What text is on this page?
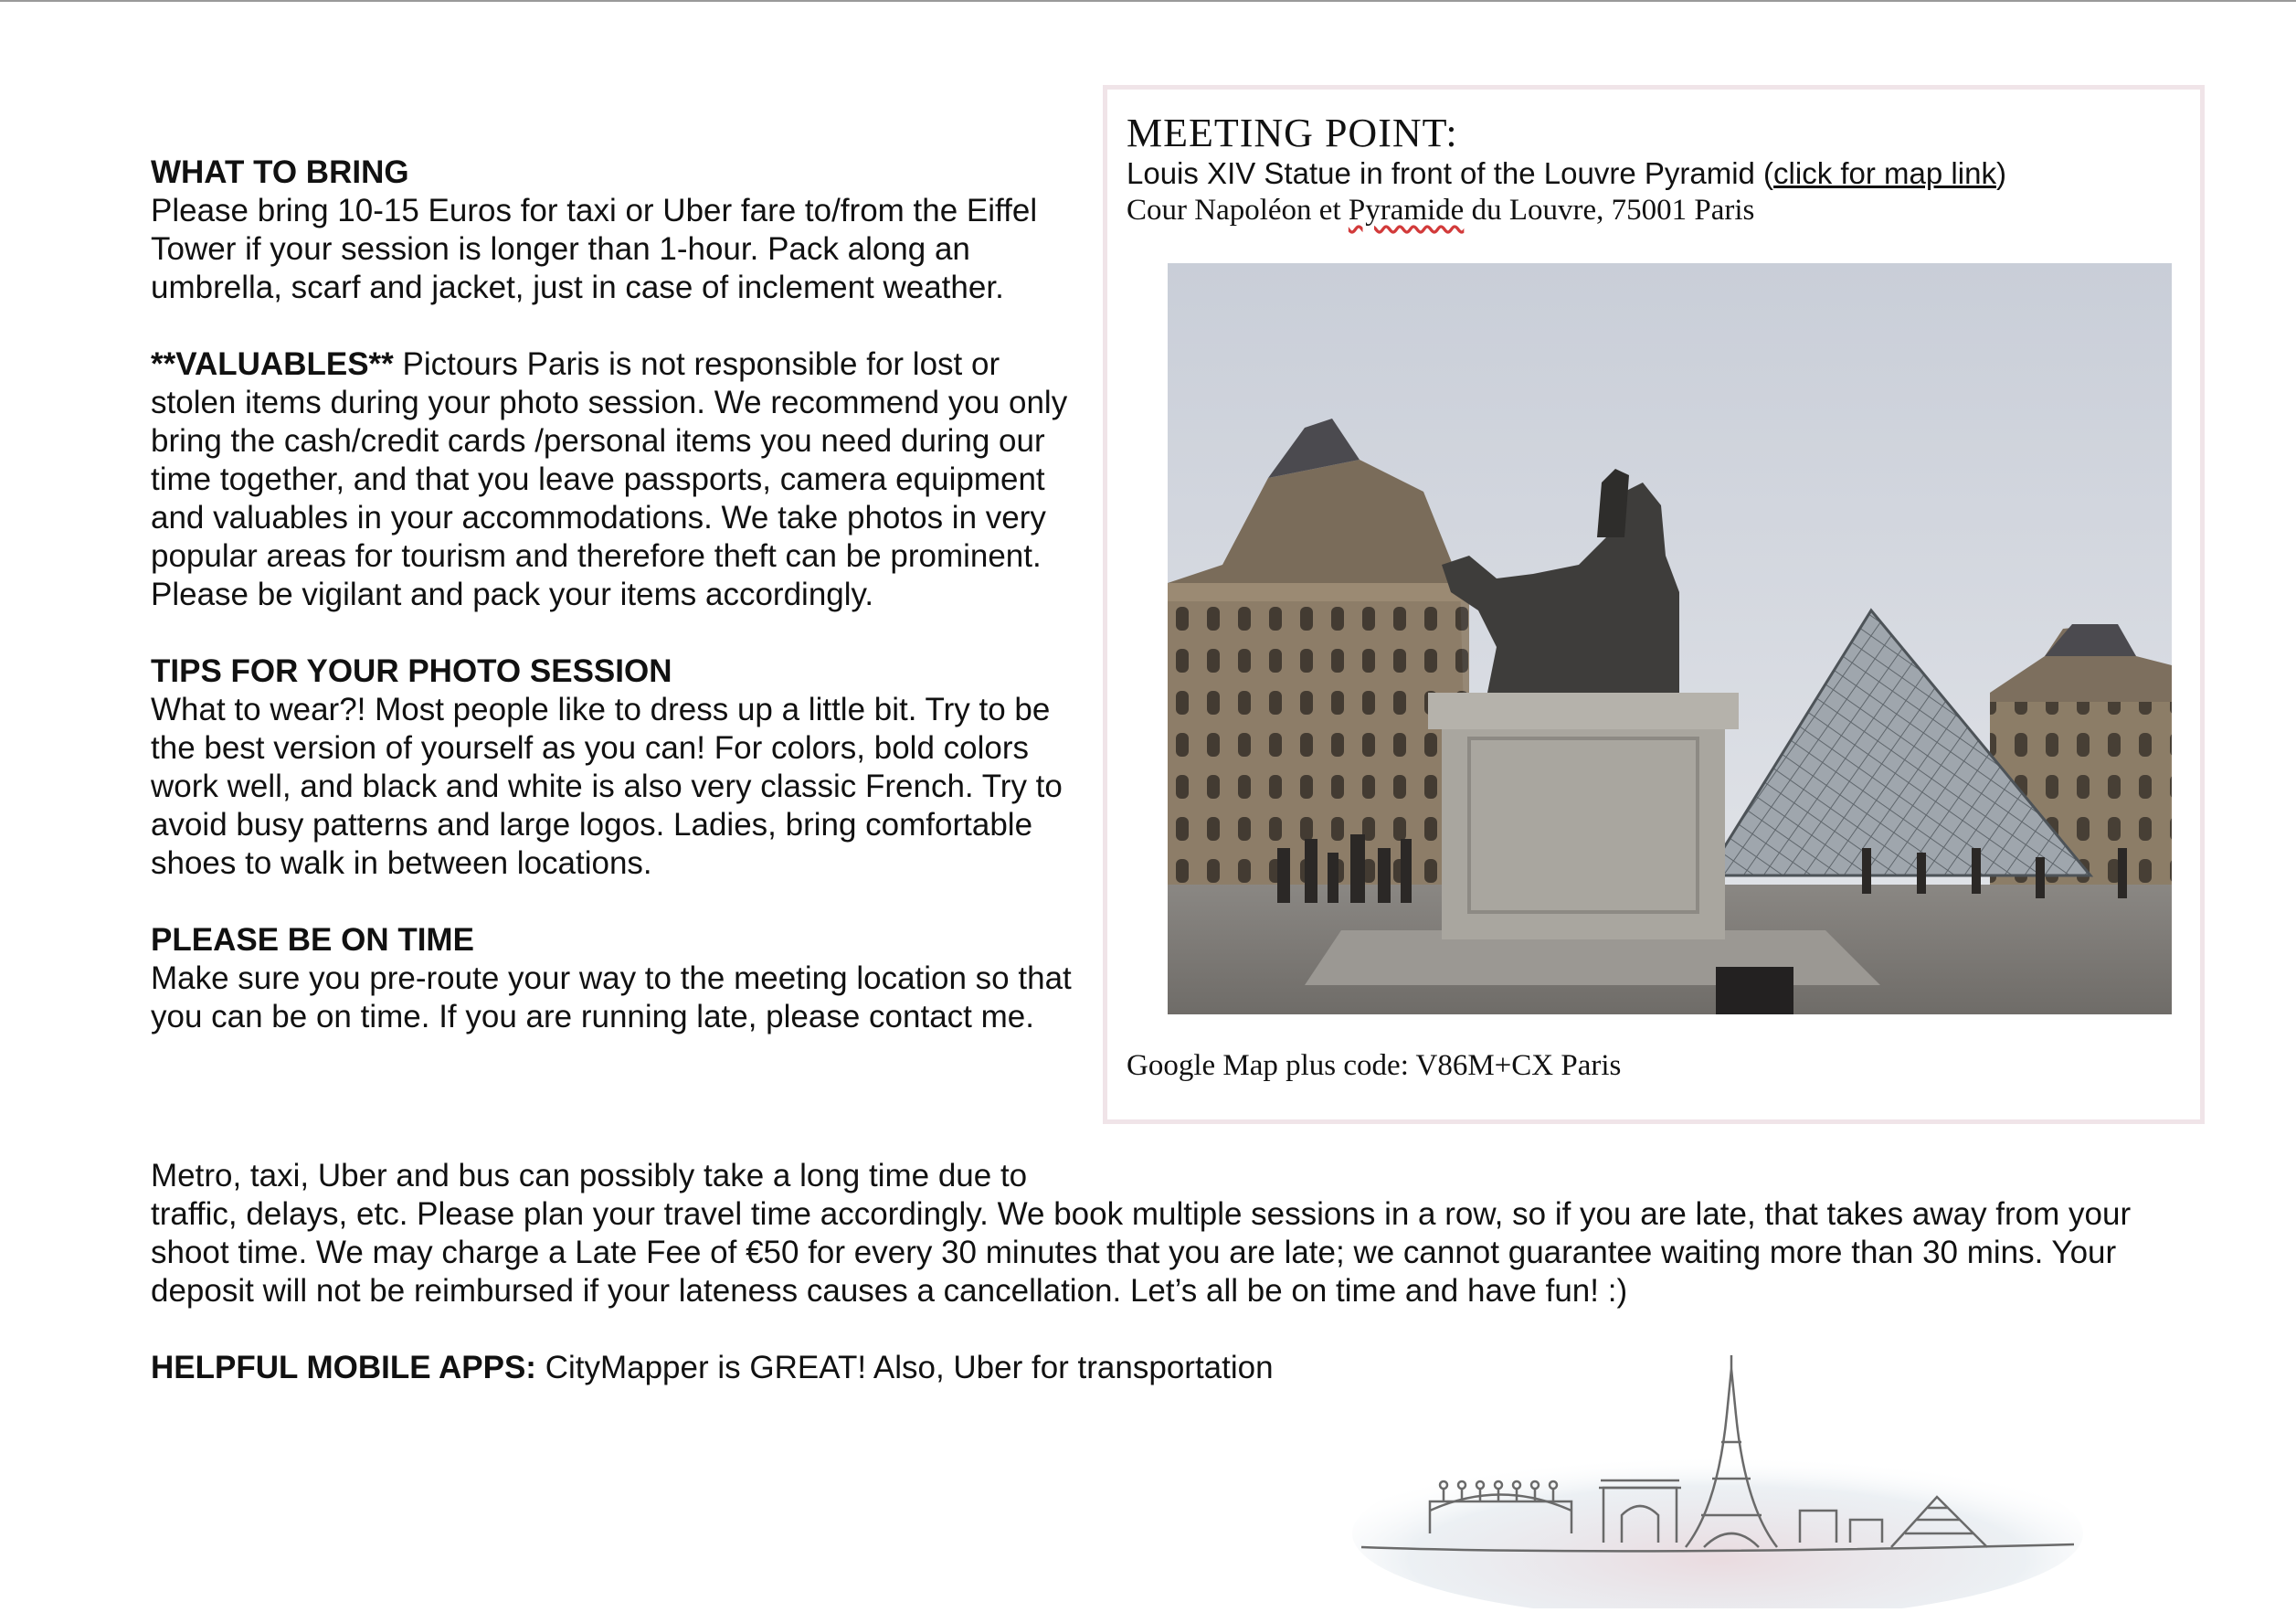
WHAT TO BRING
Please bring 10-15 Euros for taxi or Uber fare to/from the Eiffel Tower if your session is longer than 1-hour. Pack along an umbrella, scarf and jacket, just in case of inclement weather.

**VALUABLES** Pictours Paris is not responsible for lost or stolen items during your photo session. We recommend you only bring the cash/credit cards /personal items you need during our time together, and that you leave passports, camera equipment and valuables in your accommodations. We take photos in very popular areas for tourism and therefore theft can be prominent. Please be vigilant and pack your items accordingly.

TIPS FOR YOUR PHOTO SESSION
What to wear?! Most people like to dress up a little bit. Try to be the best version of yourself as you can! For colors, bold colors work well, and black and white is also very classic French. Try to avoid busy patterns and large logos. Ladies, bring comfortable shoes to walk in between locations.

PLEASE BE ON TIME
Make sure you pre-route your way to the meeting location so that you can be on time. If you are running late, please contact me.

Metro, taxi, Uber and bus can possibly take a long time due to
traffic, delays, etc. Please plan your travel time accordingly. We book multiple sessions in a row, so if you are late, that takes away from your shoot time. We may charge a Late Fee of €50 for every 30 minutes that you are late; we cannot guarantee waiting more than 30 mins. Your deposit will not be reimbursed if your lateness causes a cancellation. Let’s all be on time and have fun! :)

HELPFUL MOBILE APPS: CityMapper is GREAT! Also, Uber for transportation

MEETING POINT:
Louis XIV Statue in front of the Louvre Pyramid (click for map link)
Cour Napoléon et Pyramide du Louvre, 75001 Paris
Google Map plus code: V86M+CX Paris
